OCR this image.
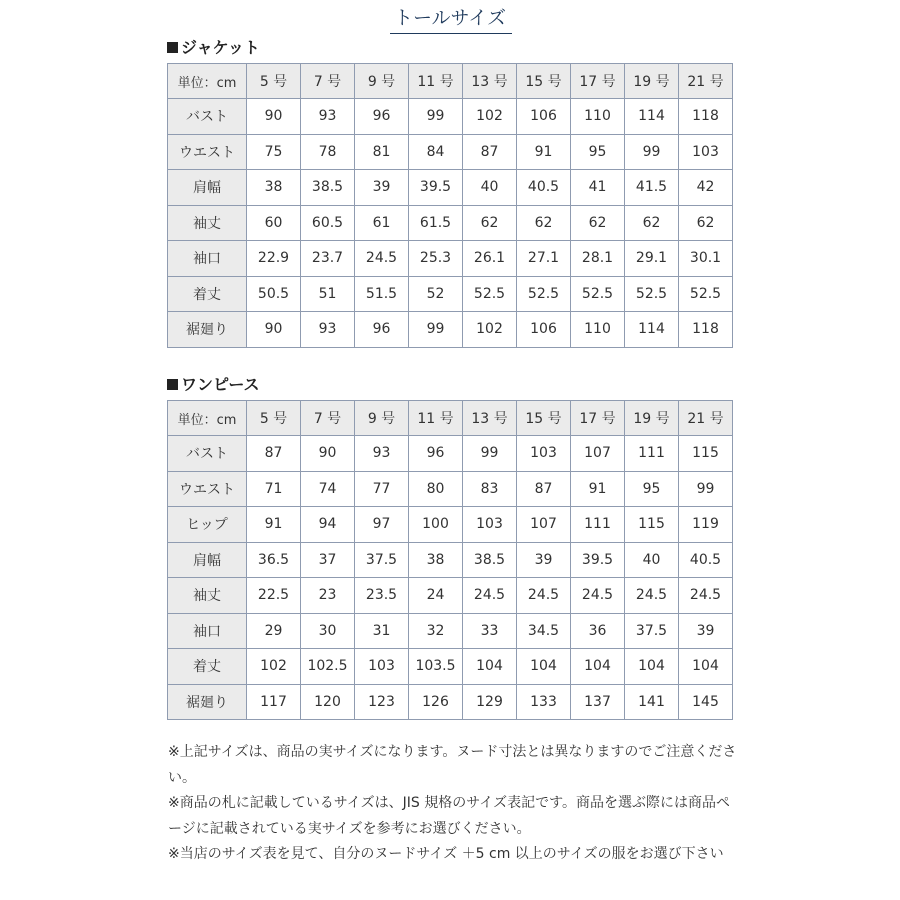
トールサイズ
ジャケット
単位：cm	5 号	7 号	9 号	11 号	13 号	15 号	17 号	19 号	21 号
バスト	90	93	96	99	102	106	110	114	118
ウエスト	75	78	81	84	87	91	95	99	103
肩幅	38	38.5	39	39.5	40	40.5	41	41.5	42
袖丈	60	60.5	61	61.5	62	62	62	62	62
袖口	22.9	23.7	24.5	25.3	26.1	27.1	28.1	29.1	30.1
着丈	50.5	51	51.5	52	52.5	52.5	52.5	52.5	52.5
裾廻り	90	93	96	99	102	106	110	114	118
ワンピース
単位：cm	5 号	7 号	9 号	11 号	13 号	15 号	17 号	19 号	21 号
バスト	87	90	93	96	99	103	107	111	115
ウエスト	71	74	77	80	83	87	91	95	99
ヒップ	91	94	97	100	103	107	111	115	119
肩幅	36.5	37	37.5	38	38.5	39	39.5	40	40.5
袖丈	22.5	23	23.5	24	24.5	24.5	24.5	24.5	24.5
袖口	29	30	31	32	33	34.5	36	37.5	39
着丈	102	102.5	103	103.5	104	104	104	104	104
裾廻り	117	120	123	126	129	133	137	141	145

※上記サイズは、商品の実サイズになります。ヌード寸法とは異なりますのでご注意ください。

※商品の札に記載しているサイズは、JIS 規格のサイズ表記です。商品を選ぶ際には商品ページに記載されている実サイズを参考にお選びください。

※当店のサイズ表を見て、自分のヌードサイズ ＋5 cm 以上のサイズの服をお選び下さい
